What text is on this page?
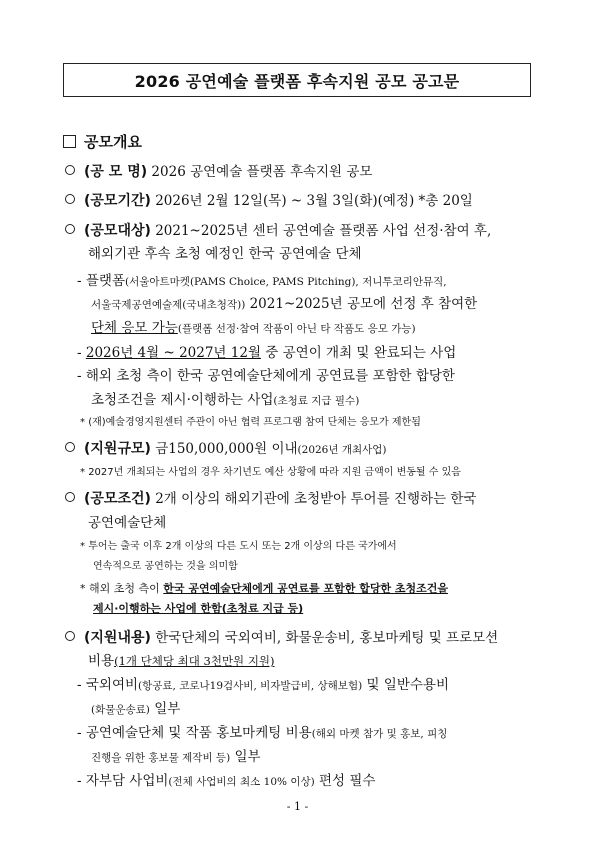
2026 공연예술 플랫폼 후속지원 공모 공고문
공모개요
(공 모 명) 2026 공연예술 플랫폼 후속지원 공모
(공모기간) 2026년 2월 12일(목) ~ 3월 3일(화)(예정) *총 20일
(공모대상) 2021~2025년 센터 공연예술 플랫폼 사업 선정·참여 후,
해외기관 후속 초청 예정인 한국 공연예술 단체
- 플랫폼(서울아트마켓(PAMS Choice, PAMS Pitching), 저니투코리안뮤직,
서울국제공연예술제(국내초청작)) 2021~2025년 공모에 선정 후 참여한
단체 응모 가능(플랫폼 선정·참여 작품이 아닌 타 작품도 응모 가능)
- 2026년 4월 ~ 2027년 12월 중 공연이 개최 및 완료되는 사업
- 해외 초청 측이 한국 공연예술단체에게 공연료를 포함한 합당한
초청조건을 제시·이행하는 사업(초청료 지급 필수)
* (재)예술경영지원센터 주관이 아닌 협력 프로그램 참여 단체는 응모가 제한됨
(지원규모) 금150,000,000원 이내(2026년 개최사업)
* 2027년 개최되는 사업의 경우 차기년도 예산 상황에 따라 지원 금액이 변동될 수 있음
(공모조건) 2개 이상의 해외기관에 초청받아 투어를 진행하는 한국
공연예술단체
* 투어는 출국 이후 2개 이상의 다른 도시 또는 2개 이상의 다른 국가에서
연속적으로 공연하는 것을 의미함
* 해외 초청 측이 한국 공연예술단체에게 공연료를 포함한 합당한 초청조건을
제시·이행하는 사업에 한함(초청료 지급 등)
(지원내용) 한국단체의 국외여비, 화물운송비, 홍보마케팅 및 프로모션
비용(1개 단체당 최대 3천만원 지원)
- 국외여비(항공료, 코로나19검사비, 비자발급비, 상해보험) 및 일반수용비
(화물운송료) 일부
- 공연예술단체 및 작품 홍보마케팅 비용(해외 마켓 참가 및 홍보, 피칭
진행을 위한 홍보물 제작비 등) 일부
- 자부담 사업비(전체 사업비의 최소 10% 이상) 편성 필수
- 1 -
